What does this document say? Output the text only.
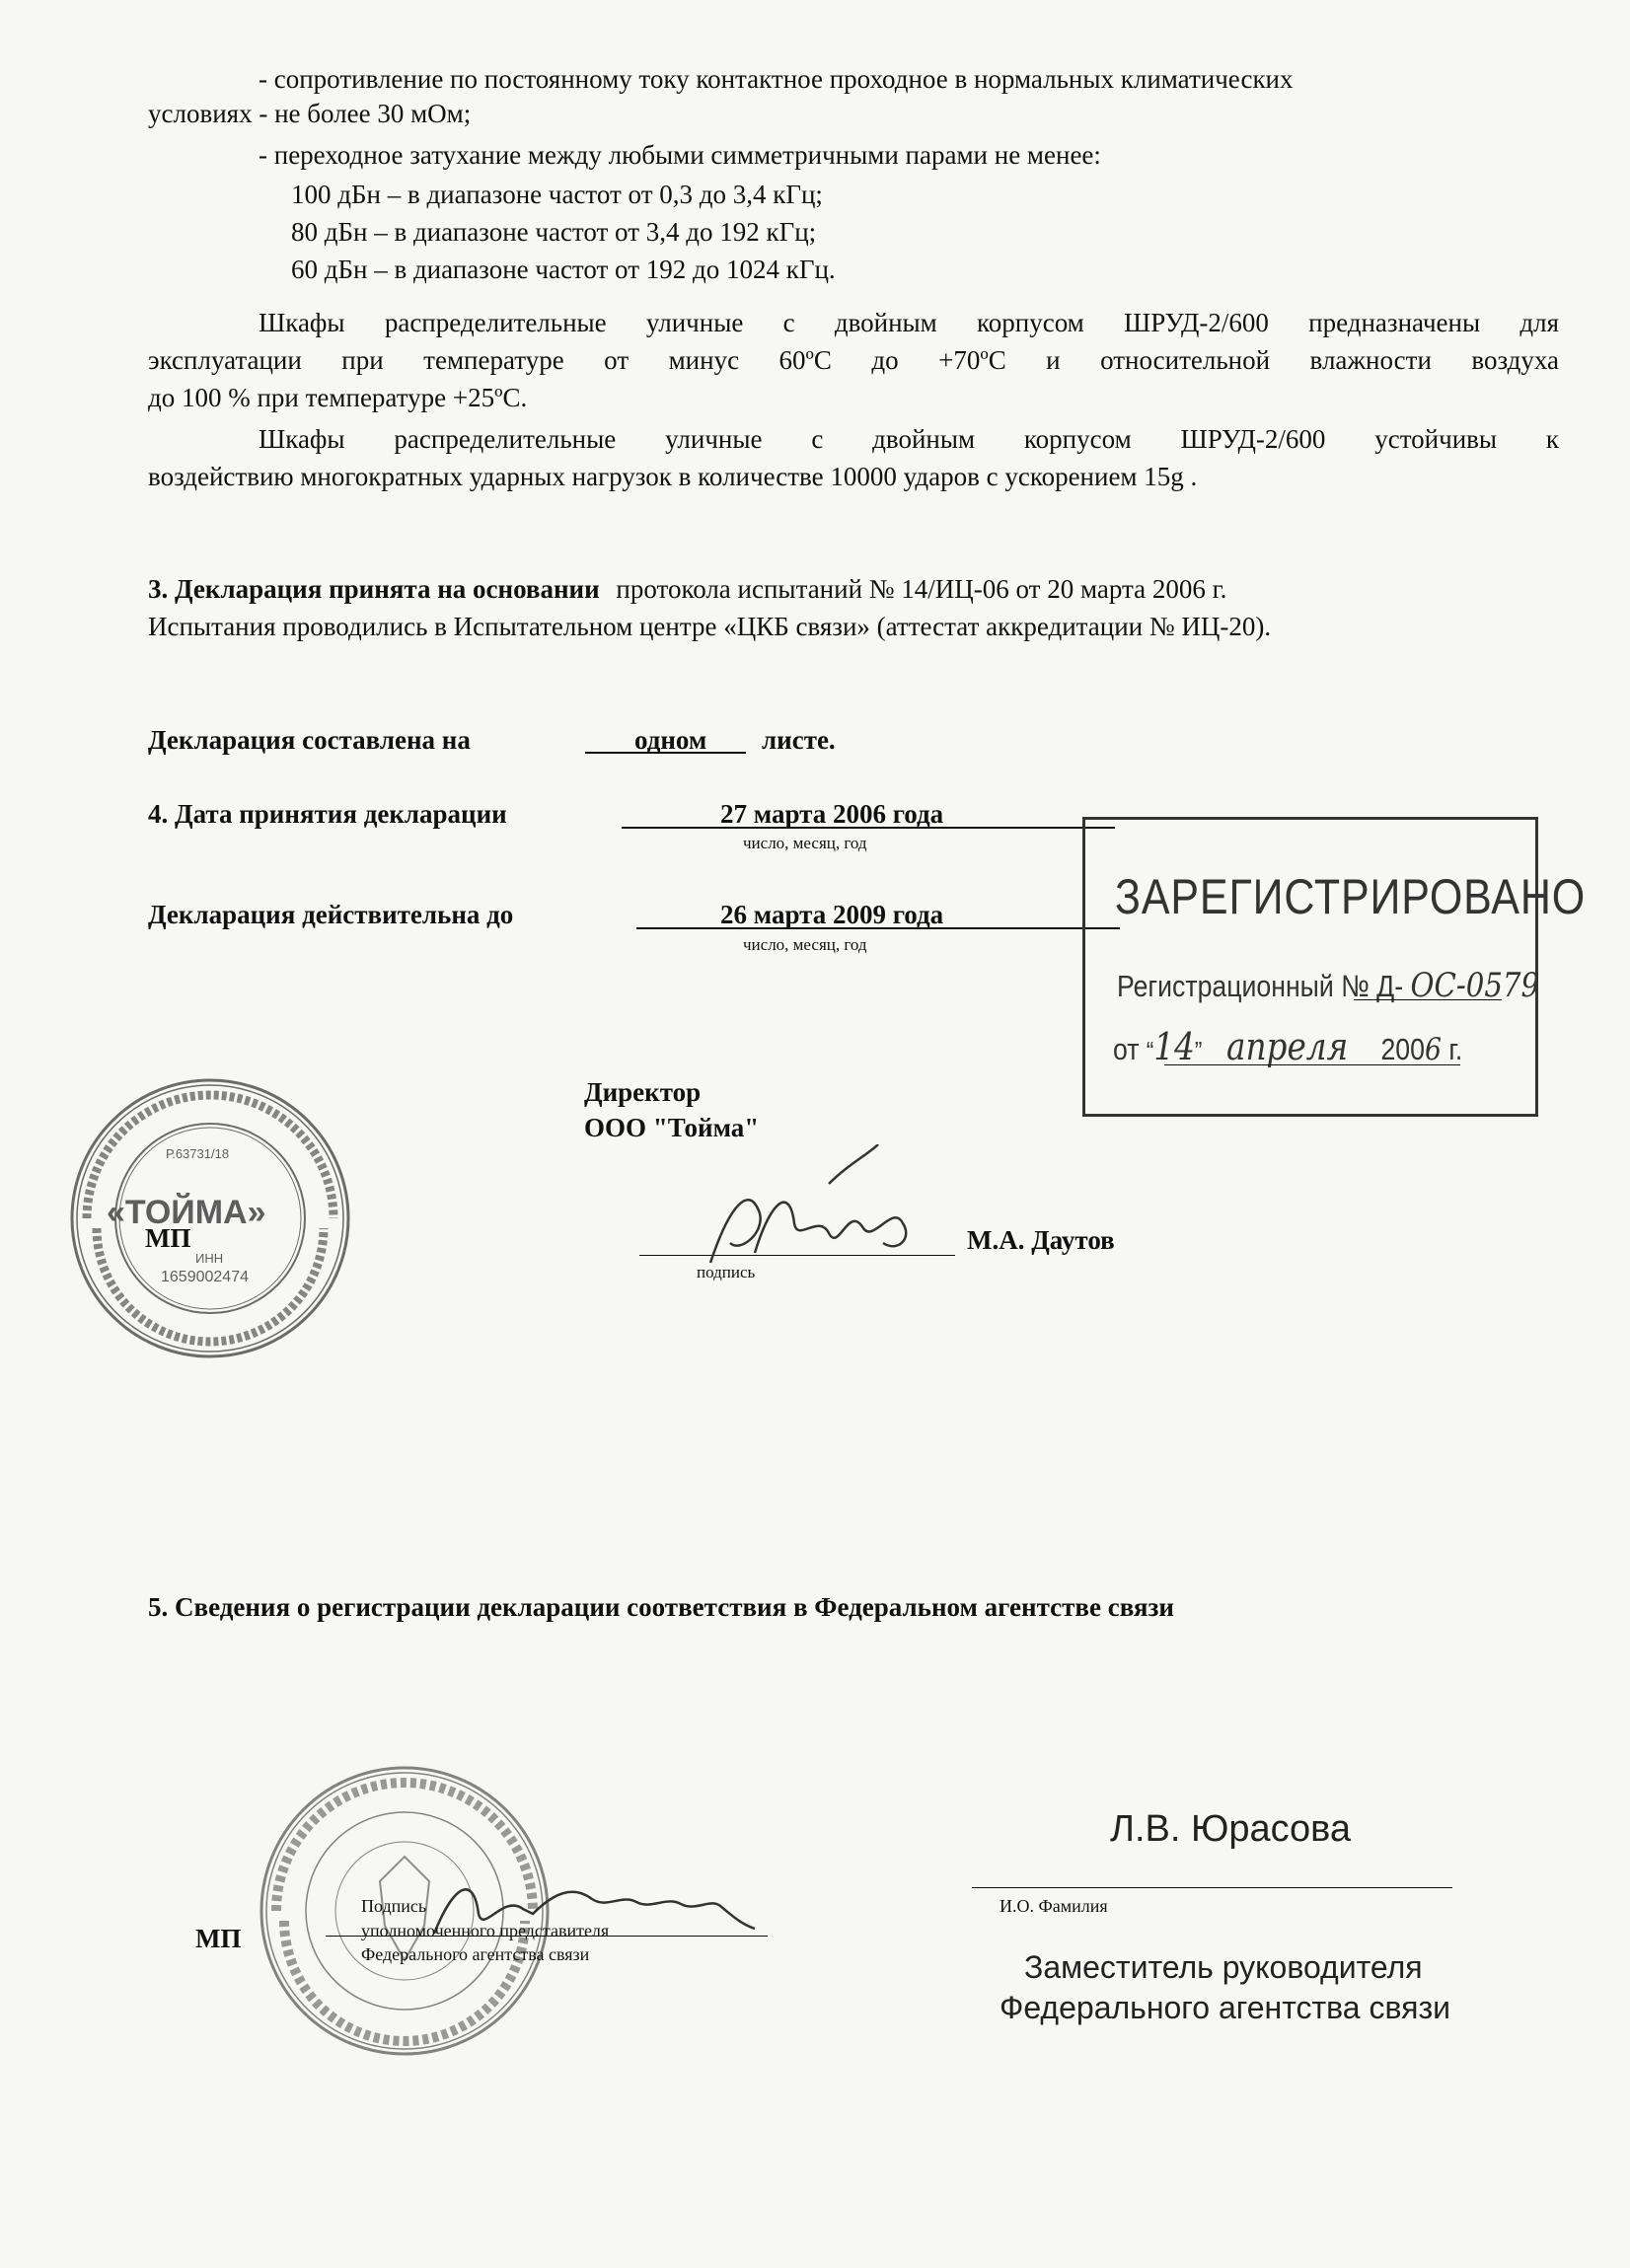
- сопротивление по постоянному току контактное проходное в нормальных климатических
условиях - не более 30 мОм;
- переходное затухание между любыми симметричными парами не менее:
100 дБн – в диапазоне частот от 0,3 до 3,4 кГц;
80 дБн – в диапазоне частот от 3,4 до 192 кГц;
60 дБн – в диапазоне частот от 192 до 1024 кГц.
Шкафы распределительные уличные с двойным корпусом ШРУД-2/600 предназначены для
эксплуатации при температуре от минус 60ºC до +70ºC и относительной влажности воздуха
до 100 % при температуре +25ºC.
Шкафы распределительные уличные с двойным корпусом ШРУД-2/600 устойчивы к
воздействию многократных ударных нагрузок в количестве 10000 ударов с ускорением 15g .
3. Декларация принята на основании протокола испытаний № 14/ИЦ-06 от 20 марта 2006 г.
Испытания проводились в Испытательном центре «ЦКБ связи» (аттестат аккредитации № ИЦ-20).
Декларация составлена на	одном листе.
4. Дата принятия декларации	27 марта 2006 года
число, месяц, год
Декларация действительна до	26 марта 2009 года
число, месяц, год
ЗАРЕГИСТРИРОВАНО
Регистрационный № Д- ОС-0579
от “14” апреля 2006 г.
Р.63731/18
«ТОЙМА»
ИНН
1659002474
Директор
ООО "Тойма"
МП	М.А. Даутов
подпись
5. Сведения о регистрации декларации соответствия в Федеральном агентстве связи
МП
Подпись
уполномоченного представителя
Федерального агентства связи
Л.В. Юрасова
И.О. Фамилия
Заместитель руководителя
Федерального агентства связи
